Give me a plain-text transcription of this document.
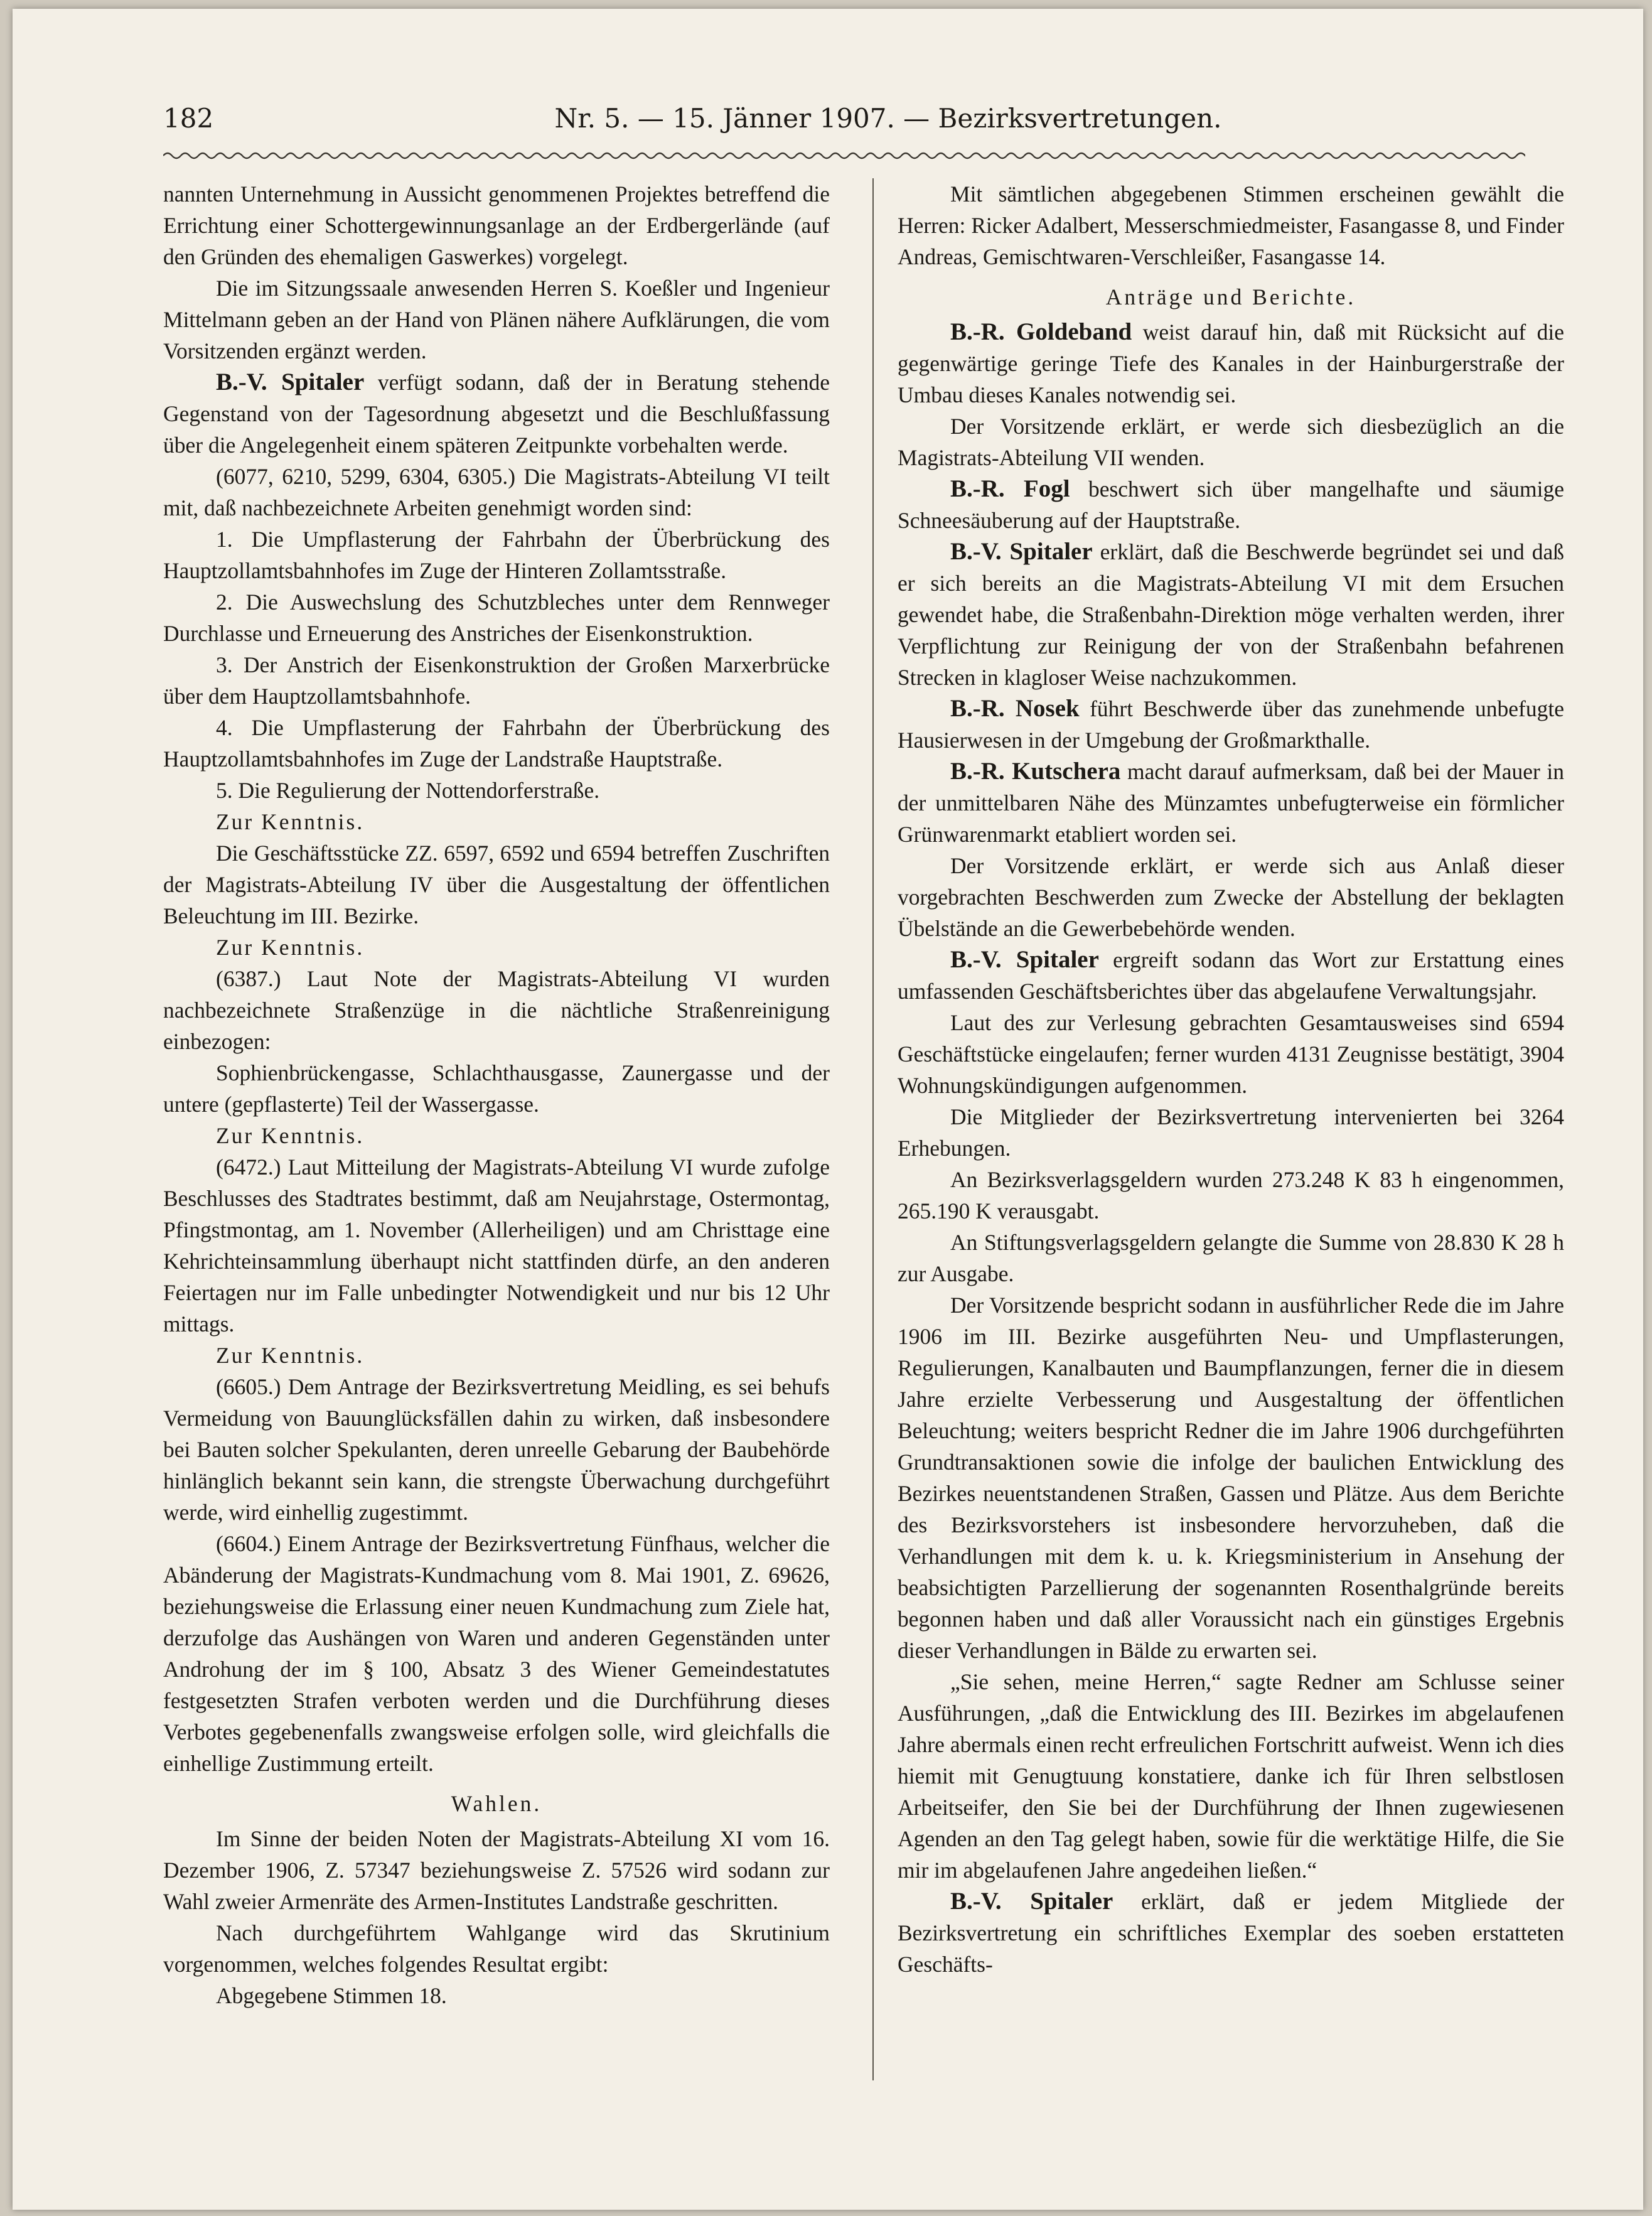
182	Nr. 5. — 15. Jänner 1907. — Bezirksvertretungen.

nannten Unternehmung in Aussicht genommenen Projektes betreffend die Errichtung einer Schottergewinnungsanlage an der Erdbergerlände (auf den Gründen des ehemaligen Gaswerkes) vorgelegt.

Die im Sitzungssaale anwesenden Herren S. Koeßler und Ingenieur Mittelmann geben an der Hand von Plänen nähere Aufklärungen, die vom Vorsitzenden ergänzt werden.

B.-V. Spitaler verfügt sodann, daß der in Beratung stehende Gegenstand von der Tagesordnung abgesetzt und die Beschlußfassung über die Angelegenheit einem späteren Zeitpunkte vorbehalten werde.

(6077, 6210, 5299, 6304, 6305.) Die Magistrats-Abteilung VI teilt mit, daß nachbezeichnete Arbeiten genehmigt worden sind:

1. Die Umpflasterung der Fahrbahn der Überbrückung des Hauptzollamtsbahnhofes im Zuge der Hinteren Zollamtsstraße.

2. Die Auswechslung des Schutzbleches unter dem Rennweger Durchlasse und Erneuerung des Anstriches der Eisenkonstruktion.

3. Der Anstrich der Eisenkonstruktion der Großen Marxerbrücke über dem Hauptzollamtsbahnhofe.

4. Die Umpflasterung der Fahrbahn der Überbrückung des Hauptzollamtsbahnhofes im Zuge der Landstraße Hauptstraße.

5. Die Regulierung der Nottendorferstraße.

Zur Kenntnis.

Die Geschäftsstücke ZZ. 6597, 6592 und 6594 betreffen Zuschriften der Magistrats-Abteilung IV über die Ausgestaltung der öffentlichen Beleuchtung im III. Bezirke.

Zur Kenntnis.

(6387.) Laut Note der Magistrats-Abteilung VI wurden nachbezeichnete Straßenzüge in die nächtliche Straßenreinigung einbezogen:

Sophienbrückengasse, Schlachthausgasse, Zaunergasse und der untere (gepflasterte) Teil der Wassergasse.

Zur Kenntnis.

(6472.) Laut Mitteilung der Magistrats-Abteilung VI wurde zufolge Beschlusses des Stadtrates bestimmt, daß am Neujahrstage, Ostermontag, Pfingstmontag, am 1. November (Allerheiligen) und am Christtage eine Kehrichteinsammlung überhaupt nicht stattfinden dürfe, an den anderen Feiertagen nur im Falle unbedingter Notwendigkeit und nur bis 12 Uhr mittags.

Zur Kenntnis.

(6605.) Dem Antrage der Bezirksvertretung Meidling, es sei behufs Vermeidung von Bauunglücksfällen dahin zu wirken, daß insbesondere bei Bauten solcher Spekulanten, deren unreelle Gebarung der Baubehörde hinlänglich bekannt sein kann, die strengste Überwachung durchgeführt werde, wird einhellig zugestimmt.

(6604.) Einem Antrage der Bezirksvertretung Fünfhaus, welcher die Abänderung der Magistrats-Kundmachung vom 8. Mai 1901, Z. 69626, beziehungsweise die Erlassung einer neuen Kundmachung zum Ziele hat, derzufolge das Aushängen von Waren und anderen Gegenständen unter Androhung der im § 100, Absatz 3 des Wiener Gemeindestatutes festgesetzten Strafen verboten werden und die Durchführung dieses Verbotes gegebenenfalls zwangsweise erfolgen solle, wird gleichfalls die einhellige Zustimmung erteilt.

Wahlen.

Im Sinne der beiden Noten der Magistrats-Abteilung XI vom 16. Dezember 1906, Z. 57347 beziehungsweise Z. 57526 wird sodann zur Wahl zweier Armenräte des Armen-Institutes Landstraße geschritten.

Nach durchgeführtem Wahlgange wird das Skrutinium vorgenommen, welches folgendes Resultat ergibt:

Abgegebene Stimmen 18.

Mit sämtlichen abgegebenen Stimmen erscheinen gewählt die Herren: Ricker Adalbert, Messerschmiedmeister, Fasangasse 8, und Finder Andreas, Gemischtwaren-Verschleißer, Fasangasse 14.

Anträge und Berichte.

B.-R. Goldeband weist darauf hin, daß mit Rücksicht auf die gegenwärtige geringe Tiefe des Kanales in der Hainburgerstraße der Umbau dieses Kanales notwendig sei.

Der Vorsitzende erklärt, er werde sich diesbezüglich an die Magistrats-Abteilung VII wenden.

B.-R. Fogl beschwert sich über mangelhafte und säumige Schneesäuberung auf der Hauptstraße.

B.-V. Spitaler erklärt, daß die Beschwerde begründet sei und daß er sich bereits an die Magistrats-Abteilung VI mit dem Ersuchen gewendet habe, die Straßenbahn-Direktion möge verhalten werden, ihrer Verpflichtung zur Reinigung der von der Straßenbahn befahrenen Strecken in klagloser Weise nachzukommen.

B.-R. Nosek führt Beschwerde über das zunehmende unbefugte Hausierwesen in der Umgebung der Großmarkthalle.

B.-R. Kutschera macht darauf aufmerksam, daß bei der Mauer in der unmittelbaren Nähe des Münzamtes unbefugterweise ein förmlicher Grünwarenmarkt etabliert worden sei.

Der Vorsitzende erklärt, er werde sich aus Anlaß dieser vorgebrachten Beschwerden zum Zwecke der Abstellung der beklagten Übelstände an die Gewerbebehörde wenden.

B.-V. Spitaler ergreift sodann das Wort zur Erstattung eines umfassenden Geschäftsberichtes über das abgelaufene Verwaltungsjahr.

Laut des zur Verlesung gebrachten Gesamtausweises sind 6594 Geschäftstücke eingelaufen; ferner wurden 4131 Zeugnisse bestätigt, 3904 Wohnungskündigungen aufgenommen.

Die Mitglieder der Bezirksvertretung intervenierten bei 3264 Erhebungen.

An Bezirksverlagsgeldern wurden 273.248 K 83 h eingenommen, 265.190 K verausgabt.

An Stiftungsverlagsgeldern gelangte die Summe von 28.830 K 28 h zur Ausgabe.

Der Vorsitzende bespricht sodann in ausführlicher Rede die im Jahre 1906 im III. Bezirke ausgeführten Neu- und Umpflasterungen, Regulierungen, Kanalbauten und Baumpflanzungen, ferner die in diesem Jahre erzielte Verbesserung und Ausgestaltung der öffentlichen Beleuchtung; weiters bespricht Redner die im Jahre 1906 durchgeführten Grundtransaktionen sowie die infolge der baulichen Entwicklung des Bezirkes neuentstandenen Straßen, Gassen und Plätze. Aus dem Berichte des Bezirksvorstehers ist insbesondere hervorzuheben, daß die Verhandlungen mit dem k. u. k. Kriegsministerium in Ansehung der beabsichtigten Parzellierung der sogenannten Rosenthalgründe bereits begonnen haben und daß aller Voraussicht nach ein günstiges Ergebnis dieser Verhandlungen in Bälde zu erwarten sei.

„Sie sehen, meine Herren,“ sagte Redner am Schlusse seiner Ausführungen, „daß die Entwicklung des III. Bezirkes im abgelaufenen Jahre abermals einen recht erfreulichen Fortschritt aufweist. Wenn ich dies hiemit mit Genugtuung konstatiere, danke ich für Ihren selbstlosen Arbeitseifer, den Sie bei der Durchführung der Ihnen zugewiesenen Agenden an den Tag gelegt haben, sowie für die werktätige Hilfe, die Sie mir im abgelaufenen Jahre angedeihen ließen.“

B.-V. Spitaler erklärt, daß er jedem Mitgliede der Bezirksvertretung ein schriftliches Exemplar des soeben erstatteten Geschäfts-
